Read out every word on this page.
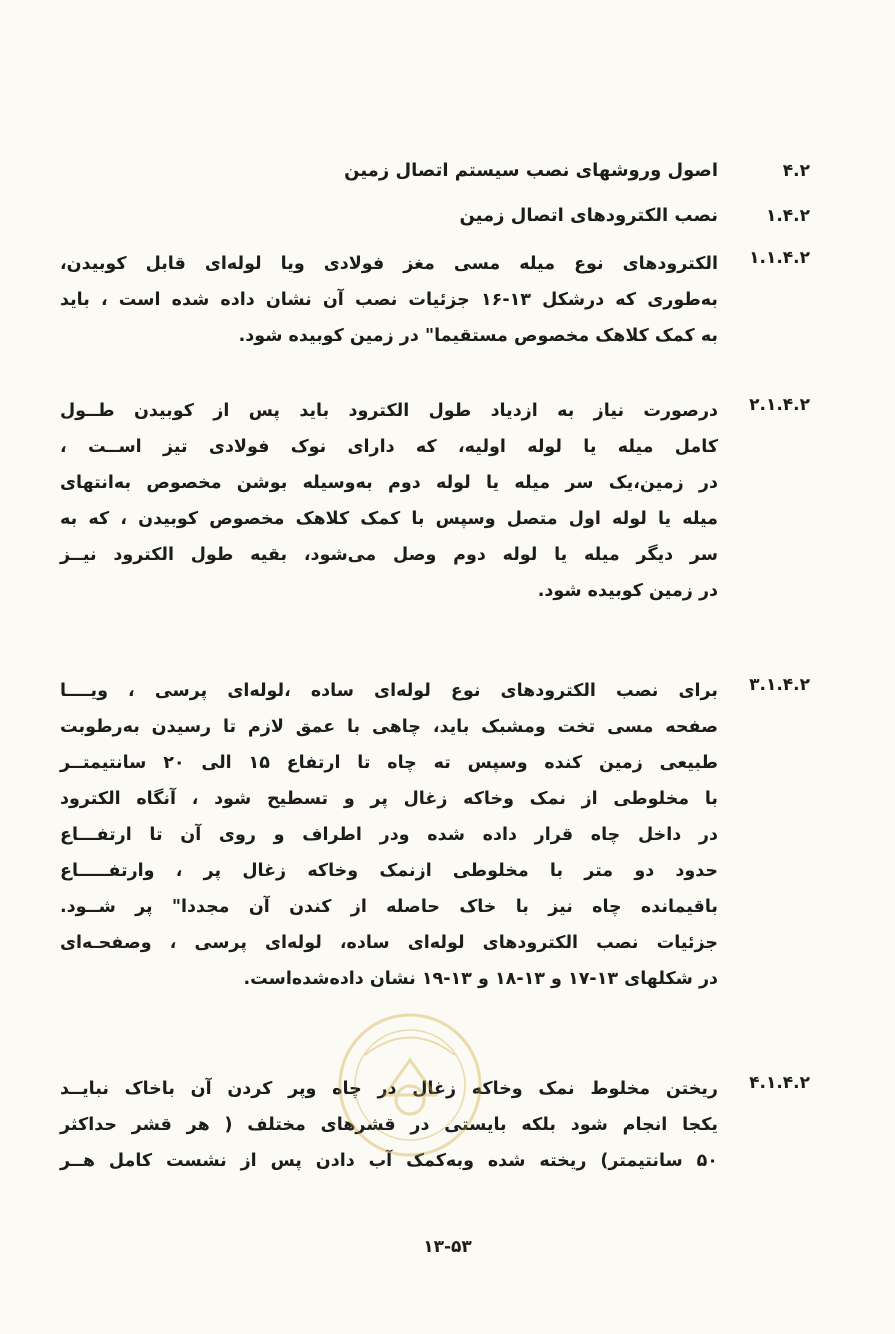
۴.۲
اصول وروشهای نصب سیستم اتصال زمین
۱.۴.۲
نصب الکترودهای اتصال زمین
۱.۱.۴.۲
الکترودهای نوع میله مسی مغز فولادی ویا لوله‌ای قابل کوبیدن،
به‌طوری که درشکل ۱۳-۱۶ جزئیات نصب آن نشان داده شده است ، باید
به کمک کلاهک مخصوص مستقیما" در زمین کوبیده شود.
۲.۱.۴.۲
درصورت نیاز به ازدیاد طول الکترود باید پس از کوبیدن طــول
کامل میله یا لوله اولیه، که دارای نوک فولادی تیز اســت ،
در زمین،یک سر میله یا لوله دوم به‌وسیله بوشن مخصوص به‌انتهای
میله یا لوله اول متصل وسپس با کمک کلاهک مخصوص کوبیدن ، که به
سر دیگر میله یا لوله دوم وصل می‌شود، بقیه طول الکترود نیــز
در زمین کوبیده شود.
۳.۱.۴.۲
برای نصب الکترودهای نوع لوله‌ای ساده ،لوله‌ای پرسی ، ویــــا
صفحه مسی تخت ومشبک باید، چاهی با عمق لازم تا رسیدن به‌رطوبت
طبیعی زمین کنده وسپس ته چاه تا ارتفاع ۱۵ الی ۲۰ سانتیمتــر
با مخلوطی از نمک وخاکه زغال پر و تسطیح شود ، آنگاه الکترود
در داخل چاه قرار داده شده ودر اطراف و روی آن تا ارتفـــاع
حدود دو متر با مخلوطی ازنمک وخاکه زغال پر ، وارتفـــــاع
باقیمانده چاه نیز با خاک حاصله از کندن آن مجددا" پر شــود.
جزئیات نصب الکترودهای لوله‌ای ساده، لوله‌ای پرسی ، وصفحـه‌ای
در شکلهای ۱۳-۱۷ و ۱۳-۱۸ و ۱۳-۱۹ نشان داده‌شده‌است.
۴.۱.۴.۲
ریختن مخلوط نمک وخاکه زغال در چاه وپر کردن آن باخاک نبایــد
یکجا انجام شود بلکه بایستی در قشرهای مختلف ( هر قشر حداکثر
۵۰ سانتیمتر) ریخته شده وبه‌کمک آب دادن پس از نشست کامل هــر
۱۳-۵۳
